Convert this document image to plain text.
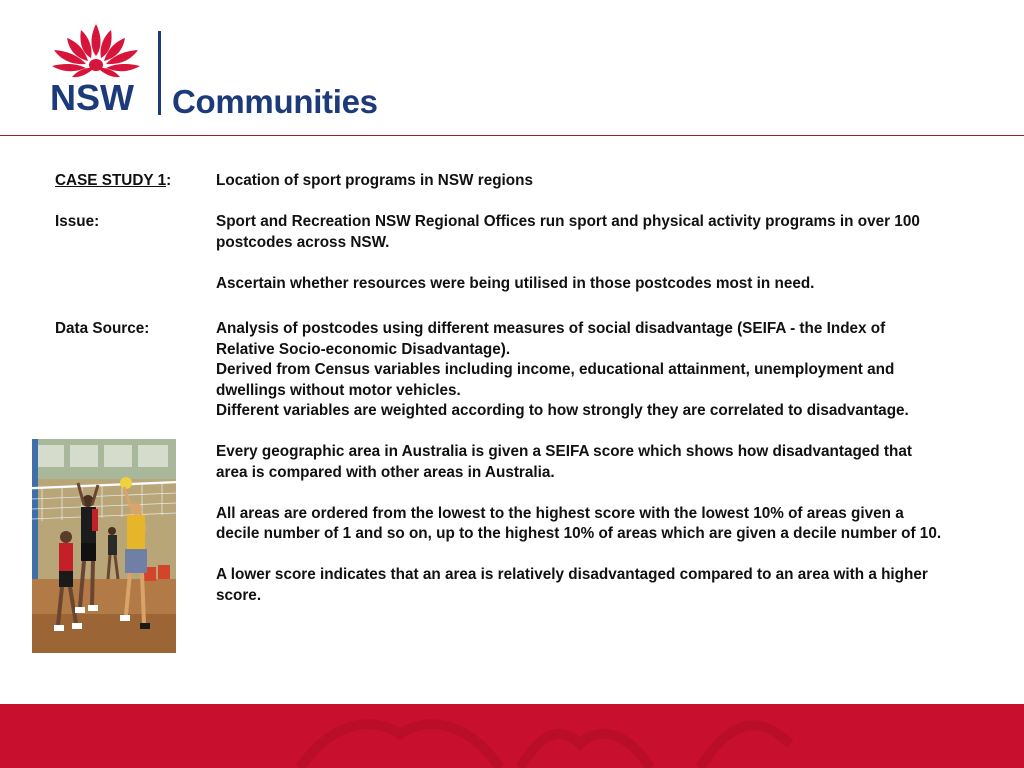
NSW Communities
CASE STUDY 1:	Location of sport programs in NSW regions
Issue:	Sport and Recreation NSW Regional Offices run sport and physical activity programs in over 100 postcodes across NSW.

Ascertain whether resources were being utilised in those postcodes most in need.

Data Source:	Analysis of postcodes using different measures of social disadvantage (SEIFA - the Index of Relative Socio-economic Disadvantage).

Derived from Census variables including income, educational attainment, unemployment and dwellings without motor vehicles.

Different variables are weighted according to how strongly they are correlated to disadvantage.

Every geographic area in Australia is given a SEIFA score which shows how disadvantaged that area is compared with other areas in Australia.

All areas are ordered from the lowest to the highest score with the lowest 10% of areas given a decile number of 1 and so on, up to the highest 10% of areas which are given a decile number of 10.

A lower score indicates that an area is relatively disadvantaged compared to an area with a higher score.
